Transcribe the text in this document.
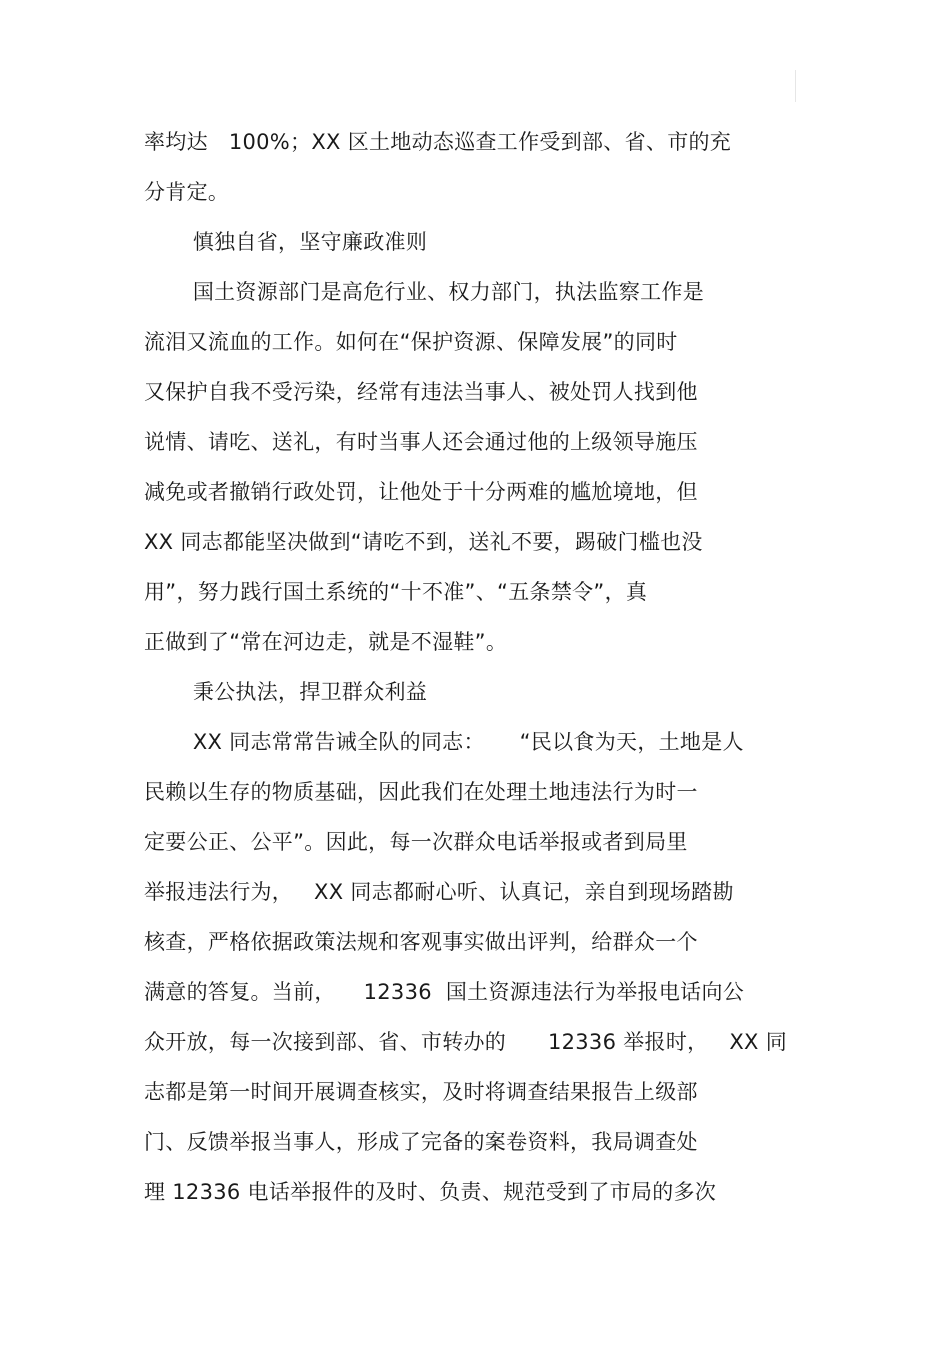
率均达   100%；XX 区土地动态巡查工作受到部、省、市的充
分肯定。
慎独自省，坚守廉政准则
国土资源部门是高危行业、权力部门，执法监察工作是
流泪又流血的工作。如何在“保护资源、保障发展”的同时
又保护自我不受污染，经常有违法当事人、被处罚人找到他
说情、请吃、送礼，有时当事人还会通过他的上级领导施压
减免或者撤销行政处罚，让他处于十分两难的尴尬境地，但
XX 同志都能坚决做到“请吃不到，送礼不要，踢破门槛也没
用”，努力践行国土系统的“十不准”、“五条禁令”，真
正做到了“常在河边走，就是不湿鞋”。
秉公执法，捍卫群众利益
XX 同志常常告诫全队的同志：     “民以食为天，土地是人
民赖以生存的物质基础，因此我们在处理土地违法行为时一
定要公正、公平”。因此，每一次群众电话举报或者到局里
举报违法行为，   XX 同志都耐心听、认真记，亲自到现场踏勘
核查，严格依据政策法规和客观事实做出评判，给群众一个
满意的答复。当前，    12336  国土资源违法行为举报电话向公
众开放，每一次接到部、省、市转办的      12336 举报时，   XX 同
志都是第一时间开展调查核实，及时将调查结果报告上级部
门、反馈举报当事人，形成了完备的案卷资料，我局调查处
理 12336 电话举报件的及时、负责、规范受到了市局的多次
